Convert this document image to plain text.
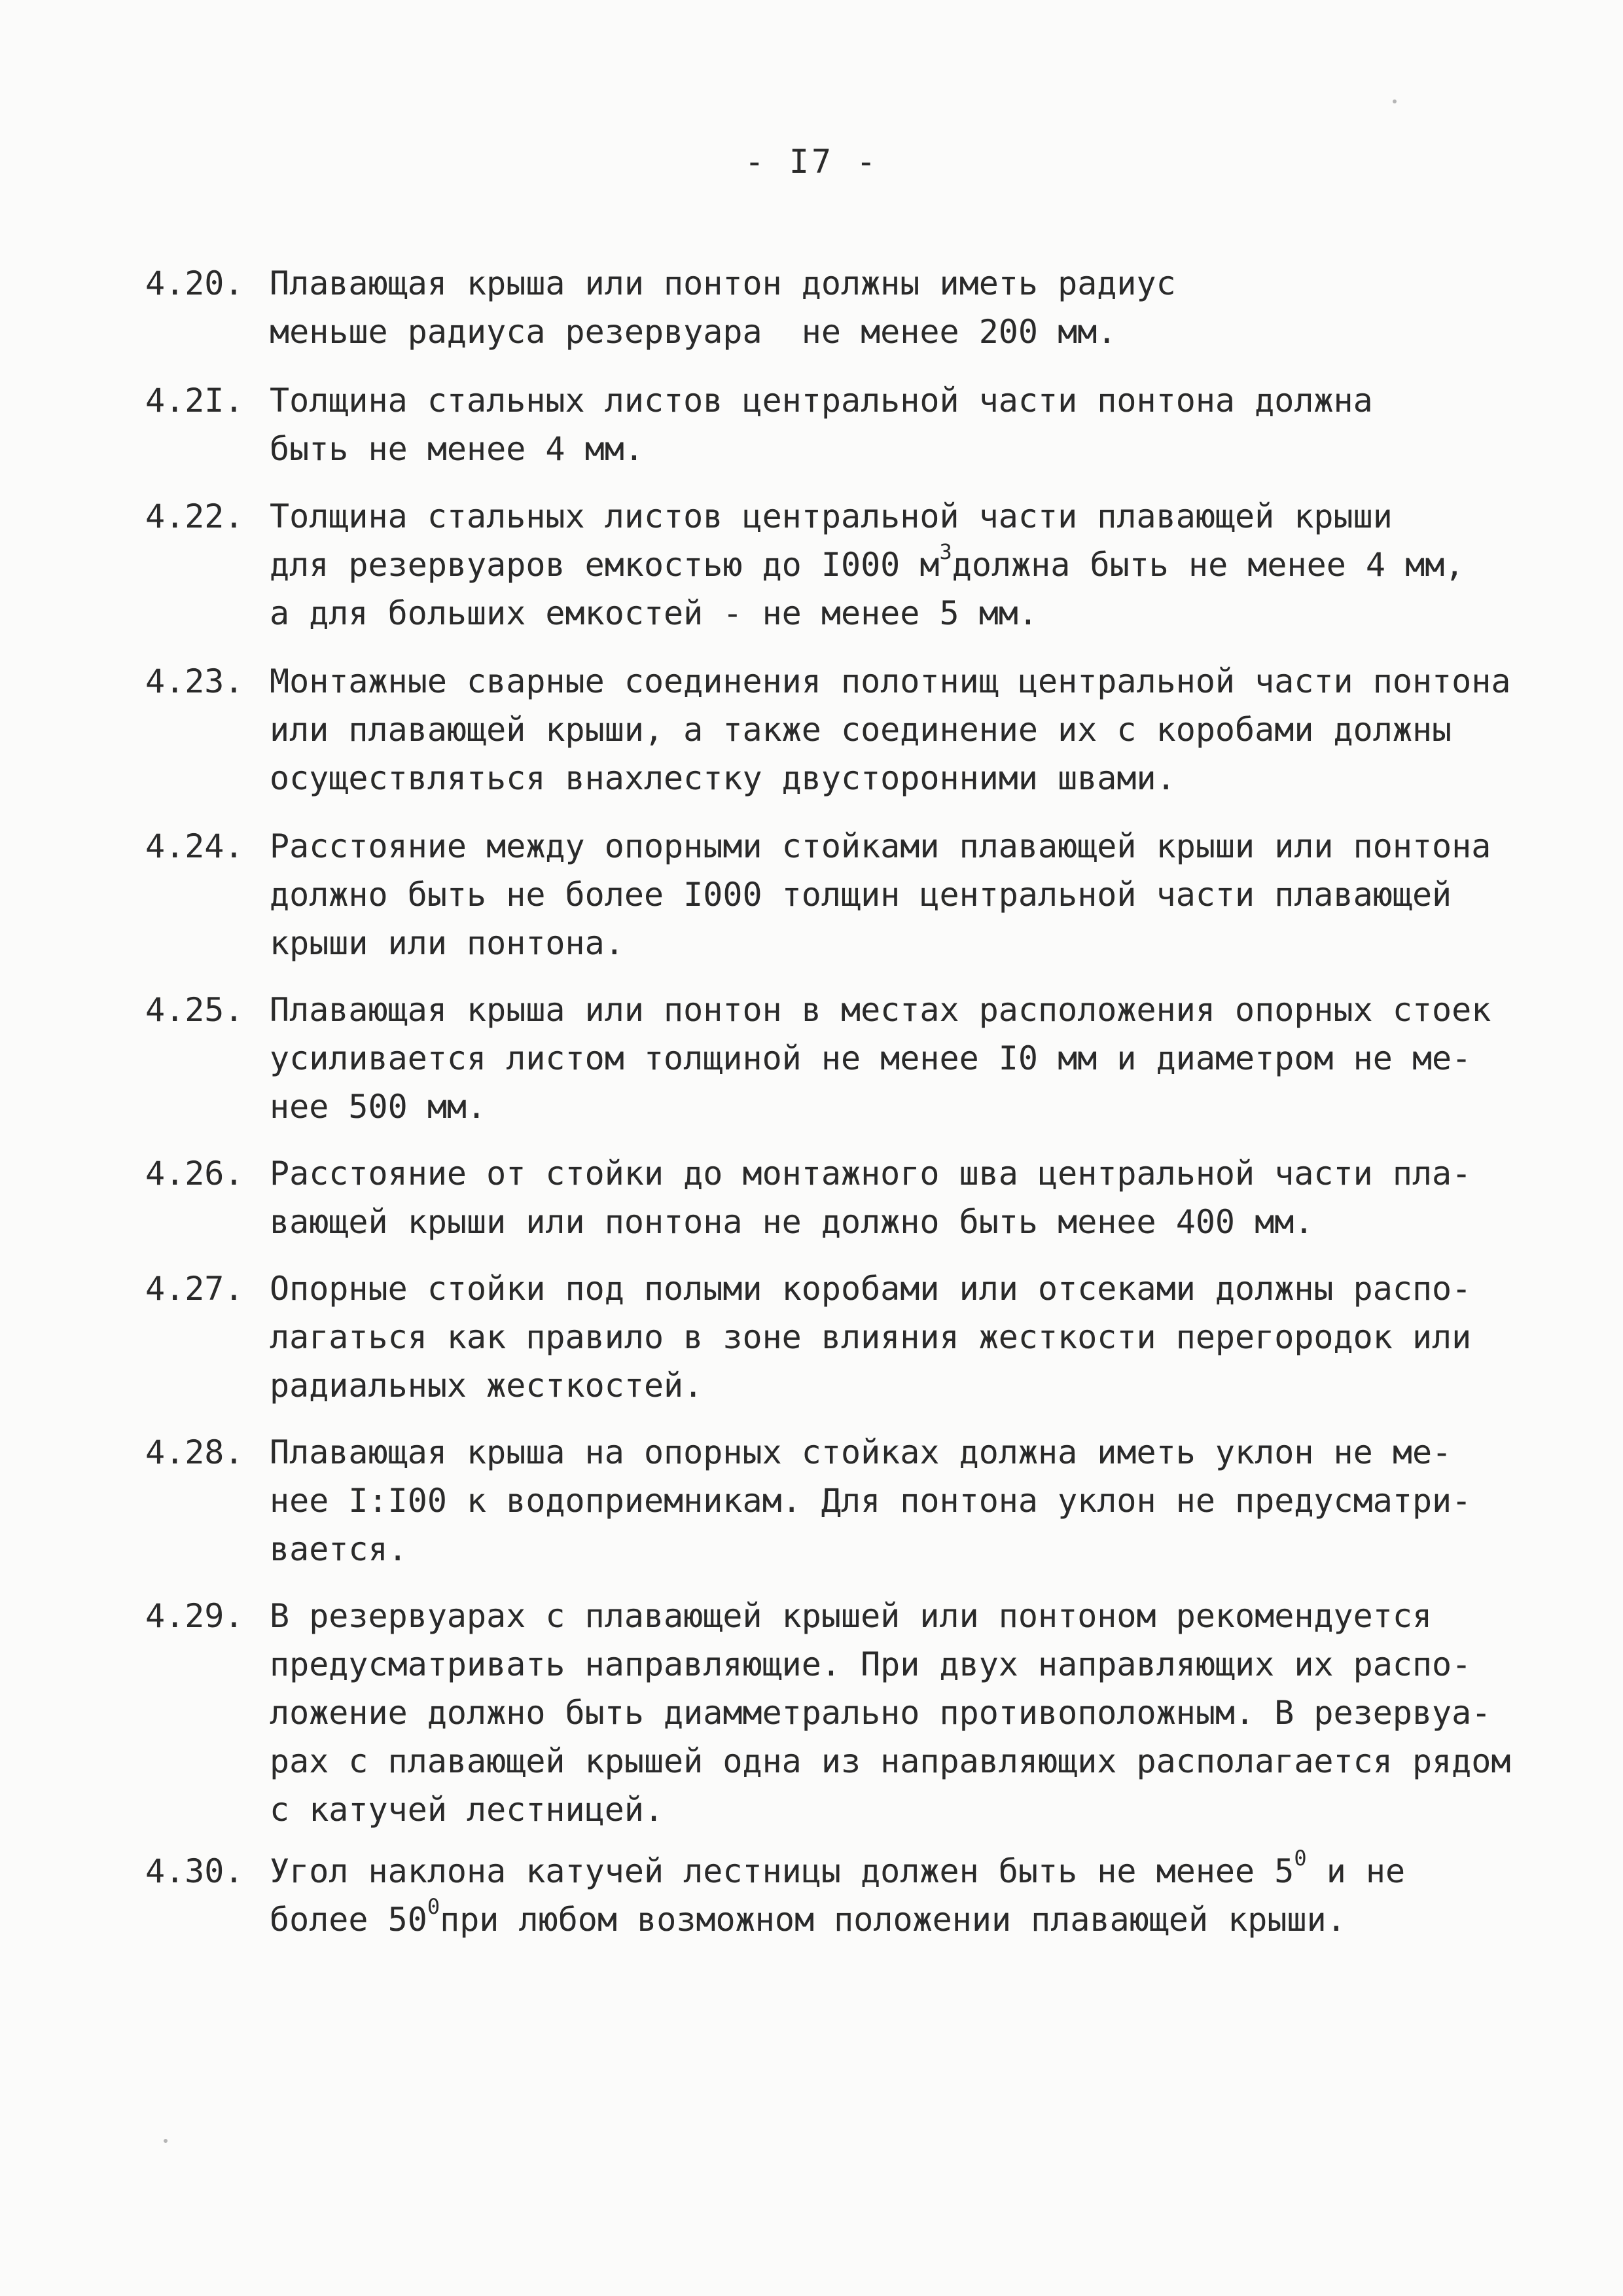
- I7 -
4.20. Плавающая крыша или понтон должны иметь радиус
меньше радиуса резервуара  не менее 200 мм.
4.2I. Толщина стальных листов центральной части понтона должна
быть не менее 4 мм.
4.22. Толщина стальных листов центральной части плавающей крыши
для резервуаров емкостью до I000 $м^3должна$ быть не менее 4 мм,
а для больших емкостей - не менее 5 мм.
4.23. Монтажные сварные соединения полотнищ центральной части понтона
или плавающей крыши, а также соединение их с коробами должны
осуществляться внахлестку двусторонними швами.
4.24. Расстояние между опорными стойками плавающей крыши или понтона
должно быть не более I000 толщин центральной части плавающей
крыши или понтона.
4.25. Плавающая крыша или понтон в местах расположения опорных стоек
усиливается листом толщиной не менее I0 мм и диаметром не ме-
нее 500 мм.
4.26. Расстояние от стойки до монтажного шва центральной части пла-
вающей крыши или понтона не должно быть менее 400 мм.
4.27. Опорные стойки под полыми коробами или отсеками должны распо-
лагаться как правило в зоне влияния жесткости перегородок или
радиальных жесткостей.
4.28. Плавающая крыша на опорных стойках должна иметь уклон не ме-
нее I:I00 к водоприемникам. Для понтона уклон не предусматри-
вается.
4.29. В резервуарах с плавающей крышей или понтоном рекомендуется
предусматривать направляющие. При двух направляющих их распо-
ложение должно быть диамметрально противоположным. В резервуа-
рах с плавающей крышей одна из направляющих располагается рядом
с катучей лестницей.
4.30. Угол наклона катучей лестницы должен быть не менее $5^0$ и не
более $50^0при$ любом возможном положении плавающей крыши.
